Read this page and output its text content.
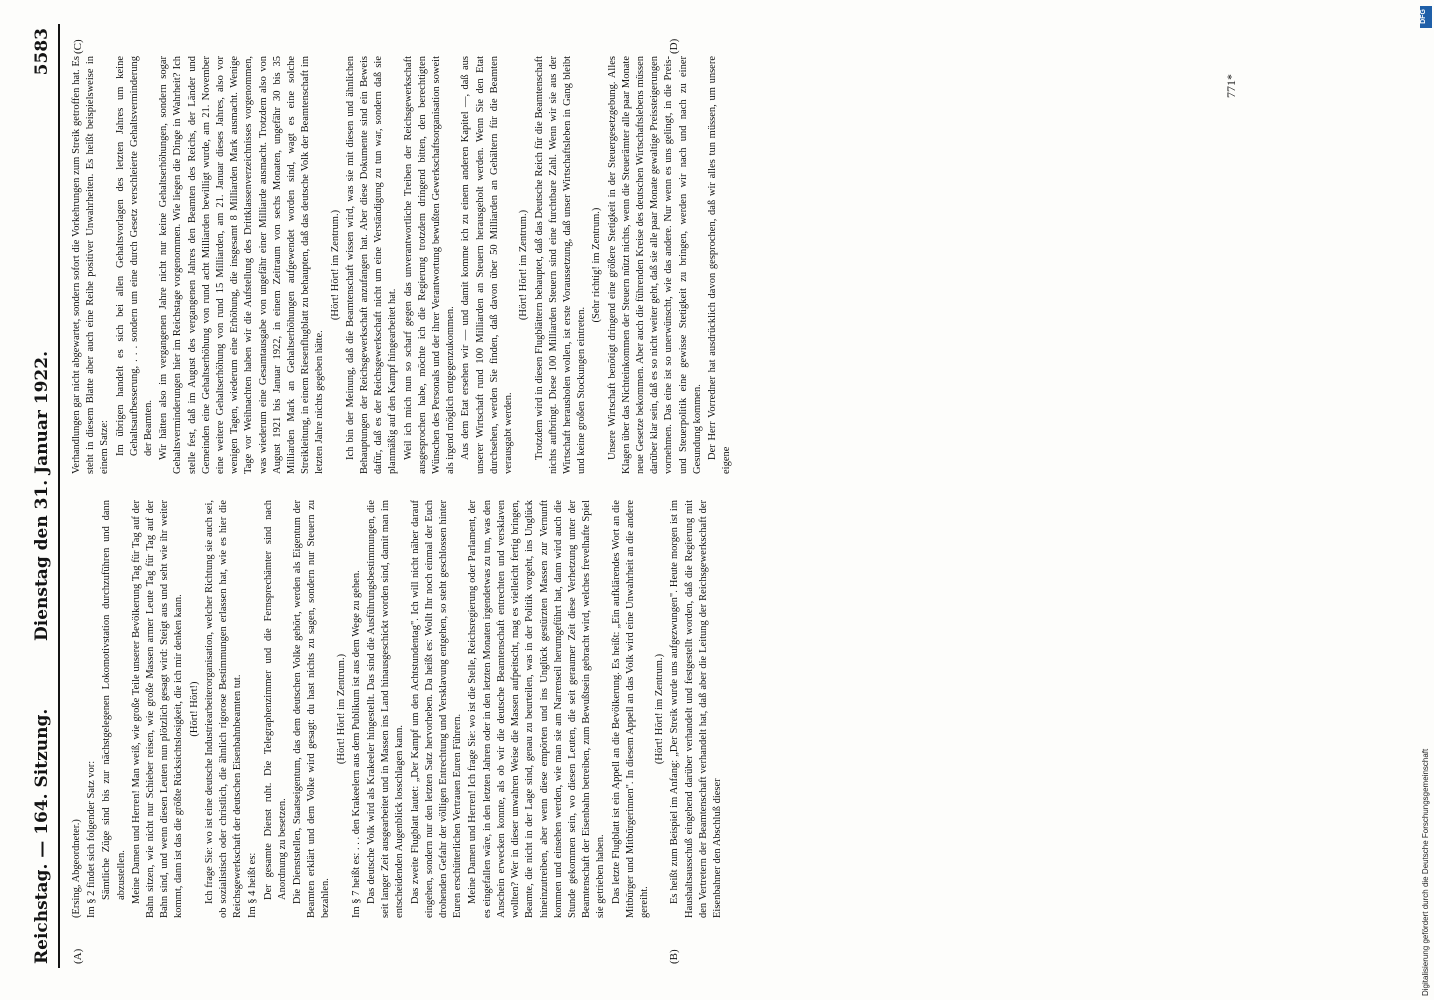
Reichstag. — 164. Sitzung.
Dienstag den 31. Januar 1922.
5583
(A)	(B)
(C)	(D)

(Ersing, Abgeordneter.) Im § 2 findet sich folgender Satz vor: Sämtliche Züge sind bis zur nächstgelegenen Lokomotivstation durchzuführen und dann abzustellen. Meine Damen und Herren! Man weiß, wie große Teile unserer Bevölkerung Tag für Tag auf der Bahn sitzen, wie nicht nur Schieber reisen, wie große Massen armer Leute Tag für Tag auf der Bahn sind, und wenn diesen Leuten nun plötzlich gesagt wird: Steigt aus und seht wie ihr weiter kommt, dann ist das die größte Rücksichtslosigkeit, die ich mir denken kann. (Hört! Hört!) Ich frage Sie: wo ist eine deutsche Industriearbeiterorganisation, welcher Richtung sie auch sei, ob sozialistisch oder christlich, die ähnlich rigorose Bestimmungen erlassen hat, wie es hier die Reichsgewerkschaft der deutschen Eisenbahnbeamten tut. Im § 4 heißt es: Der gesamte Dienst ruht. Die Telegraphenzimmer und die Fernsprechämter sind nach Anordnung zu besetzen. Die Dienststellen, Staatseigentum, das dem deutschen Volke gehört, werden als Eigentum der Beamten erklärt und dem Volke wird gesagt: du hast nichts zu sagen, sondern nur Steuern zu bezahlen.

(Hört! Hört! im Zentrum.) Im § 7 heißt es: . . . den Krakeelern aus dem Publikum ist aus dem Wege zu gehen. Das deutsche Volk wird als Krakeeler hingestellt. Das sind die Ausführungsbestimmungen, die seit langer Zeit ausgearbeitet und in Massen ins Land hinausgeschickt worden sind, damit man im entscheidenden Augenblick losschlagen kann. Das zweite Flugblatt lautet: „Der Kampf um den Achtstundentag". Ich will nicht näher darauf eingehen, sondern nur den letzten Satz hervorheben. Da heißt es: Wollt Ihr noch einmal der Euch drohenden Gefahr der völligen Entrechtung und Versklavung entgehen, so steht geschlossen hinter Euren erschütterlichen Vertrauen Euren Führern. Meine Damen und Herren! Ich frage Sie: wo ist die Stelle, Reichsregierung oder Parlament, der es eingefallen wäre, in den letzten Jahren oder in den letzten Monaten irgendetwas zu tun, was den Anschein erwecken konnte, als ob wir die deutsche Beamtenschaft entrechten und versklaven wollten? Wer in dieser unwahren Weise die Massen aufpeitscht, mag es vielleicht fertig bringen, Beamte, die nicht in der Lage sind, genau zu beurteilen, was in der Politik vorgeht, ins Unglück hineinzutreiben, aber wenn diese empörten und ins Unglück gestürzten Massen zur Vernunft kommen und einsehen werden, wie man sie am Narrenseil herumgeführt hat, dann wird auch die Stunde gekommen sein, wo diesen Leuten, die seit geraumer Zeit diese Verhetzung unter der Beamtenschaft der Eisenbahn betreiben, zum Bewußtsein gebracht wird, welches frevelhafte Spiel sie getrieben haben. Das letzte Flugblatt ist ein Appell an die Bevölkerung. Es heißt: „Ein aufklärendes Wort an die Mitbürger und Mitbürgerinnen". In diesem Appell an das Volk wird eine Unwahrheit an die andere gereiht.

(Hört! Hört! im Zentrum.) Es heißt zum Beispiel im Anfang: „Der Streik wurde uns aufgezwungen". Heute morgen ist im Haushaltsausschuß eingehend darüber verhandelt und festgestellt worden, daß die Regierung mit den Vertretern der Beamtenschaft verhandelt hat, daß aber die Leitung der Reichsgewerkschaft der Eisenbahner den Abschluß dieser

Verhandlungen gar nicht abgewartet, sondern sofort die Vorkehrungen zum Streik getroffen hat. Es steht in diesem Blatte aber auch eine Reihe positiver Unwahrheiten. Es heißt beispielsweise in einem Satze: Im übrigen handelt es sich bei allen Gehaltsvorlagen des letzten Jahres um keine Gehaltsaufbesserung, . . . sondern um eine durch Gesetz verschleierte Gehaltsverminderung der Beamten. Wir hätten also im vergangenen Jahre nicht nur keine Gehaltserhöhungen, sondern sogar Gehaltsverminderungen hier im Reichstage vorgenommen. Wie liegen die Dinge in Wahrheit? Ich stelle fest, daß im August des vergangenen Jahres den Beamten des Reichs, der Länder und Gemeinden eine Gehaltserhöhung von rund acht Milliarden bewilligt wurde, am 21. November eine weitere Gehaltserhöhung von rund 15 Milliarden, am 21. Januar dieses Jahres, also vor wenigen Tagen, wiederum eine Erhöhung, die insgesamt 8 Milliarden Mark ausmacht. Wenige Tage vor Weihnachten haben wir die Aufstellung des Drittklassenverzeichnisses vorgenommen, was wiederum eine Gesamtausgabe von ungefähr einer Milliarde ausmacht. Trotzdem also von August 1921 bis Januar 1922, in einem Zeitraum von sechs Monaten, ungefähr 30 bis 35 Milliarden Mark an Gehaltserhöhungen aufgewendet worden sind, wagt es eine solche Streikleitung, in einem Riesenflugblatt zu behaupten, daß das deutsche Volk der Beamtenschaft im letzten Jahre nichts gegeben hätte.

(Hört! Hört! im Zentrum.) Ich bin der Meinung, daß die Beamtenschaft wissen wird, was sie mit diesen und ähnlichen Behauptungen der Reichsgewerkschaft anzufangen hat. Aber diese Dokumente sind ein Beweis dafür, daß es der Reichsgewerkschaft nicht um eine Verständigung zu tun war, sondern daß sie planmäßig auf den Kampf hingearbeitet hat. Weil ich mich nun so scharf gegen das unverantwortliche Treiben der Reichsgewerkschaft ausgesprochen habe, möchte ich die Regierung trotzdem dringend bitten, den berechtigten Wünschen des Personals und der ihrer Verantwortung bewußten Gewerkschaftsorganisation soweit als irgend möglich entgegenzukommen. Aus dem Etat ersehen wir — und damit komme ich zu einem anderen Kapitel —, daß aus unserer Wirtschaft rund 100 Milliarden an Steuern herausgeholt werden. Wenn Sie den Etat durchsehen, werden Sie finden, daß davon über 50 Milliarden an Gehältern für die Beamten verausgabt werden.

(Hört! Hört! im Zentrum.) Trotzdem wird in diesen Flugblättern behauptet, daß das Deutsche Reich für die Beamtenschaft nichts aufbringt. Diese 100 Milliarden Steuern sind eine furchtbare Zahl. Wenn wir sie aus der Wirtschaft herausholen wollen, ist erste Voraussetzung, daß unser Wirtschaftsleben in Gang bleibt und keine großen Stockungen eintreten.

(Sehr richtig! im Zentrum.) Unsere Wirtschaft benötigt dringend eine größere Stetigkeit in der Steuergesetzgebung. Alles Klagen über das Nichteinkommen der Steuern nützt nichts, wenn die Steuerämter alle paar Monate neue Gesetze bekommen. Aber auch die führenden Kreise des deutschen Wirtschaftslebens müssen darüber klar sein, daß es so nicht weiter geht, daß sie alle paar Monate gewaltige Preissteigerungen vornehmen. Das eine ist so unerwünscht, wie das andere. Nur wenn es uns gelingt, in die Preis- und Steuerpolitik eine gewisse Stetigkeit zu bringen, werden wir nach und nach zu einer Gesundung kommen. Der Herr Vorredner hat ausdrücklich davon gesprochen, daß wir alles tun müssen, um unsere eigene

771*
DFG
Digitalisierung gefördert durch die Deutsche Forschungsgemeinschaft
